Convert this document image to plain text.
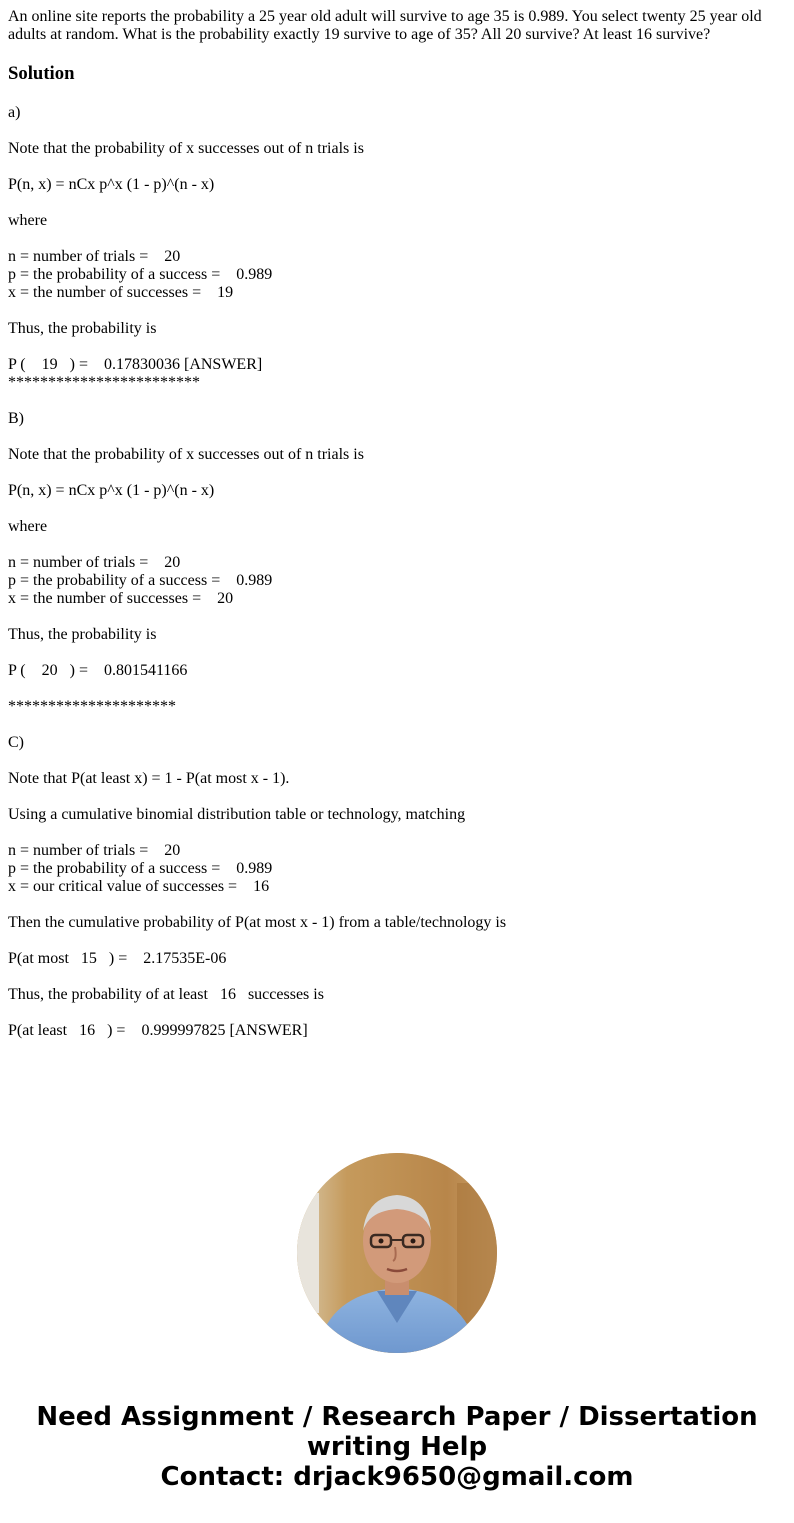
An online site reports the probability a 25 year old adult will survive to age 35 is 0.989. You select twenty 25 year old adults at random. What is the probability exactly 19 survive to age of 35? All 20 survive? At least 16 survive?

Solution

a)

Note that the probability of x successes out of n trials is

P(n, x) = nCx p^x (1 - p)^(n - x)

where

n = number of trials =    20

p = the probability of a success =    0.989

x = the number of successes =    19

Thus, the probability is

P (    19   ) =    0.17830036 [ANSWER]

************************

B)

Note that the probability of x successes out of n trials is

P(n, x) = nCx p^x (1 - p)^(n - x)

where

n = number of trials =    20

p = the probability of a success =    0.989

x = the number of successes =    20

Thus, the probability is

P (    20   ) =    0.801541166

*********************

C)

Note that P(at least x) = 1 - P(at most x - 1).

Using a cumulative binomial distribution table or technology, matching

n = number of trials =    20

p = the probability of a success =    0.989

x = our critical value of successes =    16

Then the cumulative probability of P(at most x - 1) from a table/technology is

P(at most   15   ) =    2.17535E-06

Thus, the probability of at least   16   successes is

P(at least   16   ) =    0.999997825 [ANSWER]

Need Assignment / Research Paper / Dissertation
writing Help
Contact: drjack9650@gmail.com
